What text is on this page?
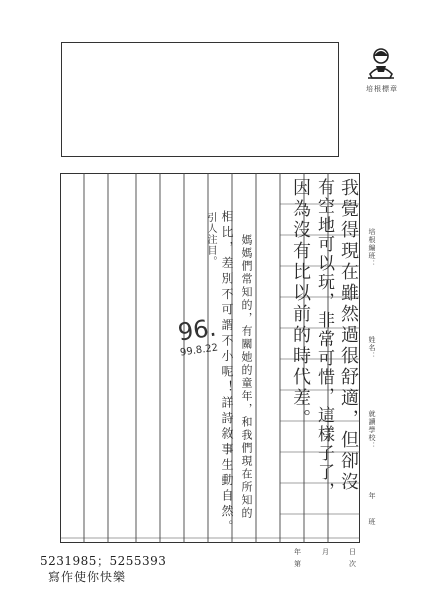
培根標章
培根編班：
姓名：
就讀學校：
年　班
我覺得現在雖然過很舒適，但卻沒
有空地可以玩，非常可惜，這樣子了，
因為沒有比以前的時代差。
媽媽們常知的，有關她的童年，和我們現在所知的
相比，差別不可謂不小呢！詳詩敘事生動自然。
引人注目。
96.
99.8.22
年	月	日
第	次
5231985；5255393
寫作使你快樂
